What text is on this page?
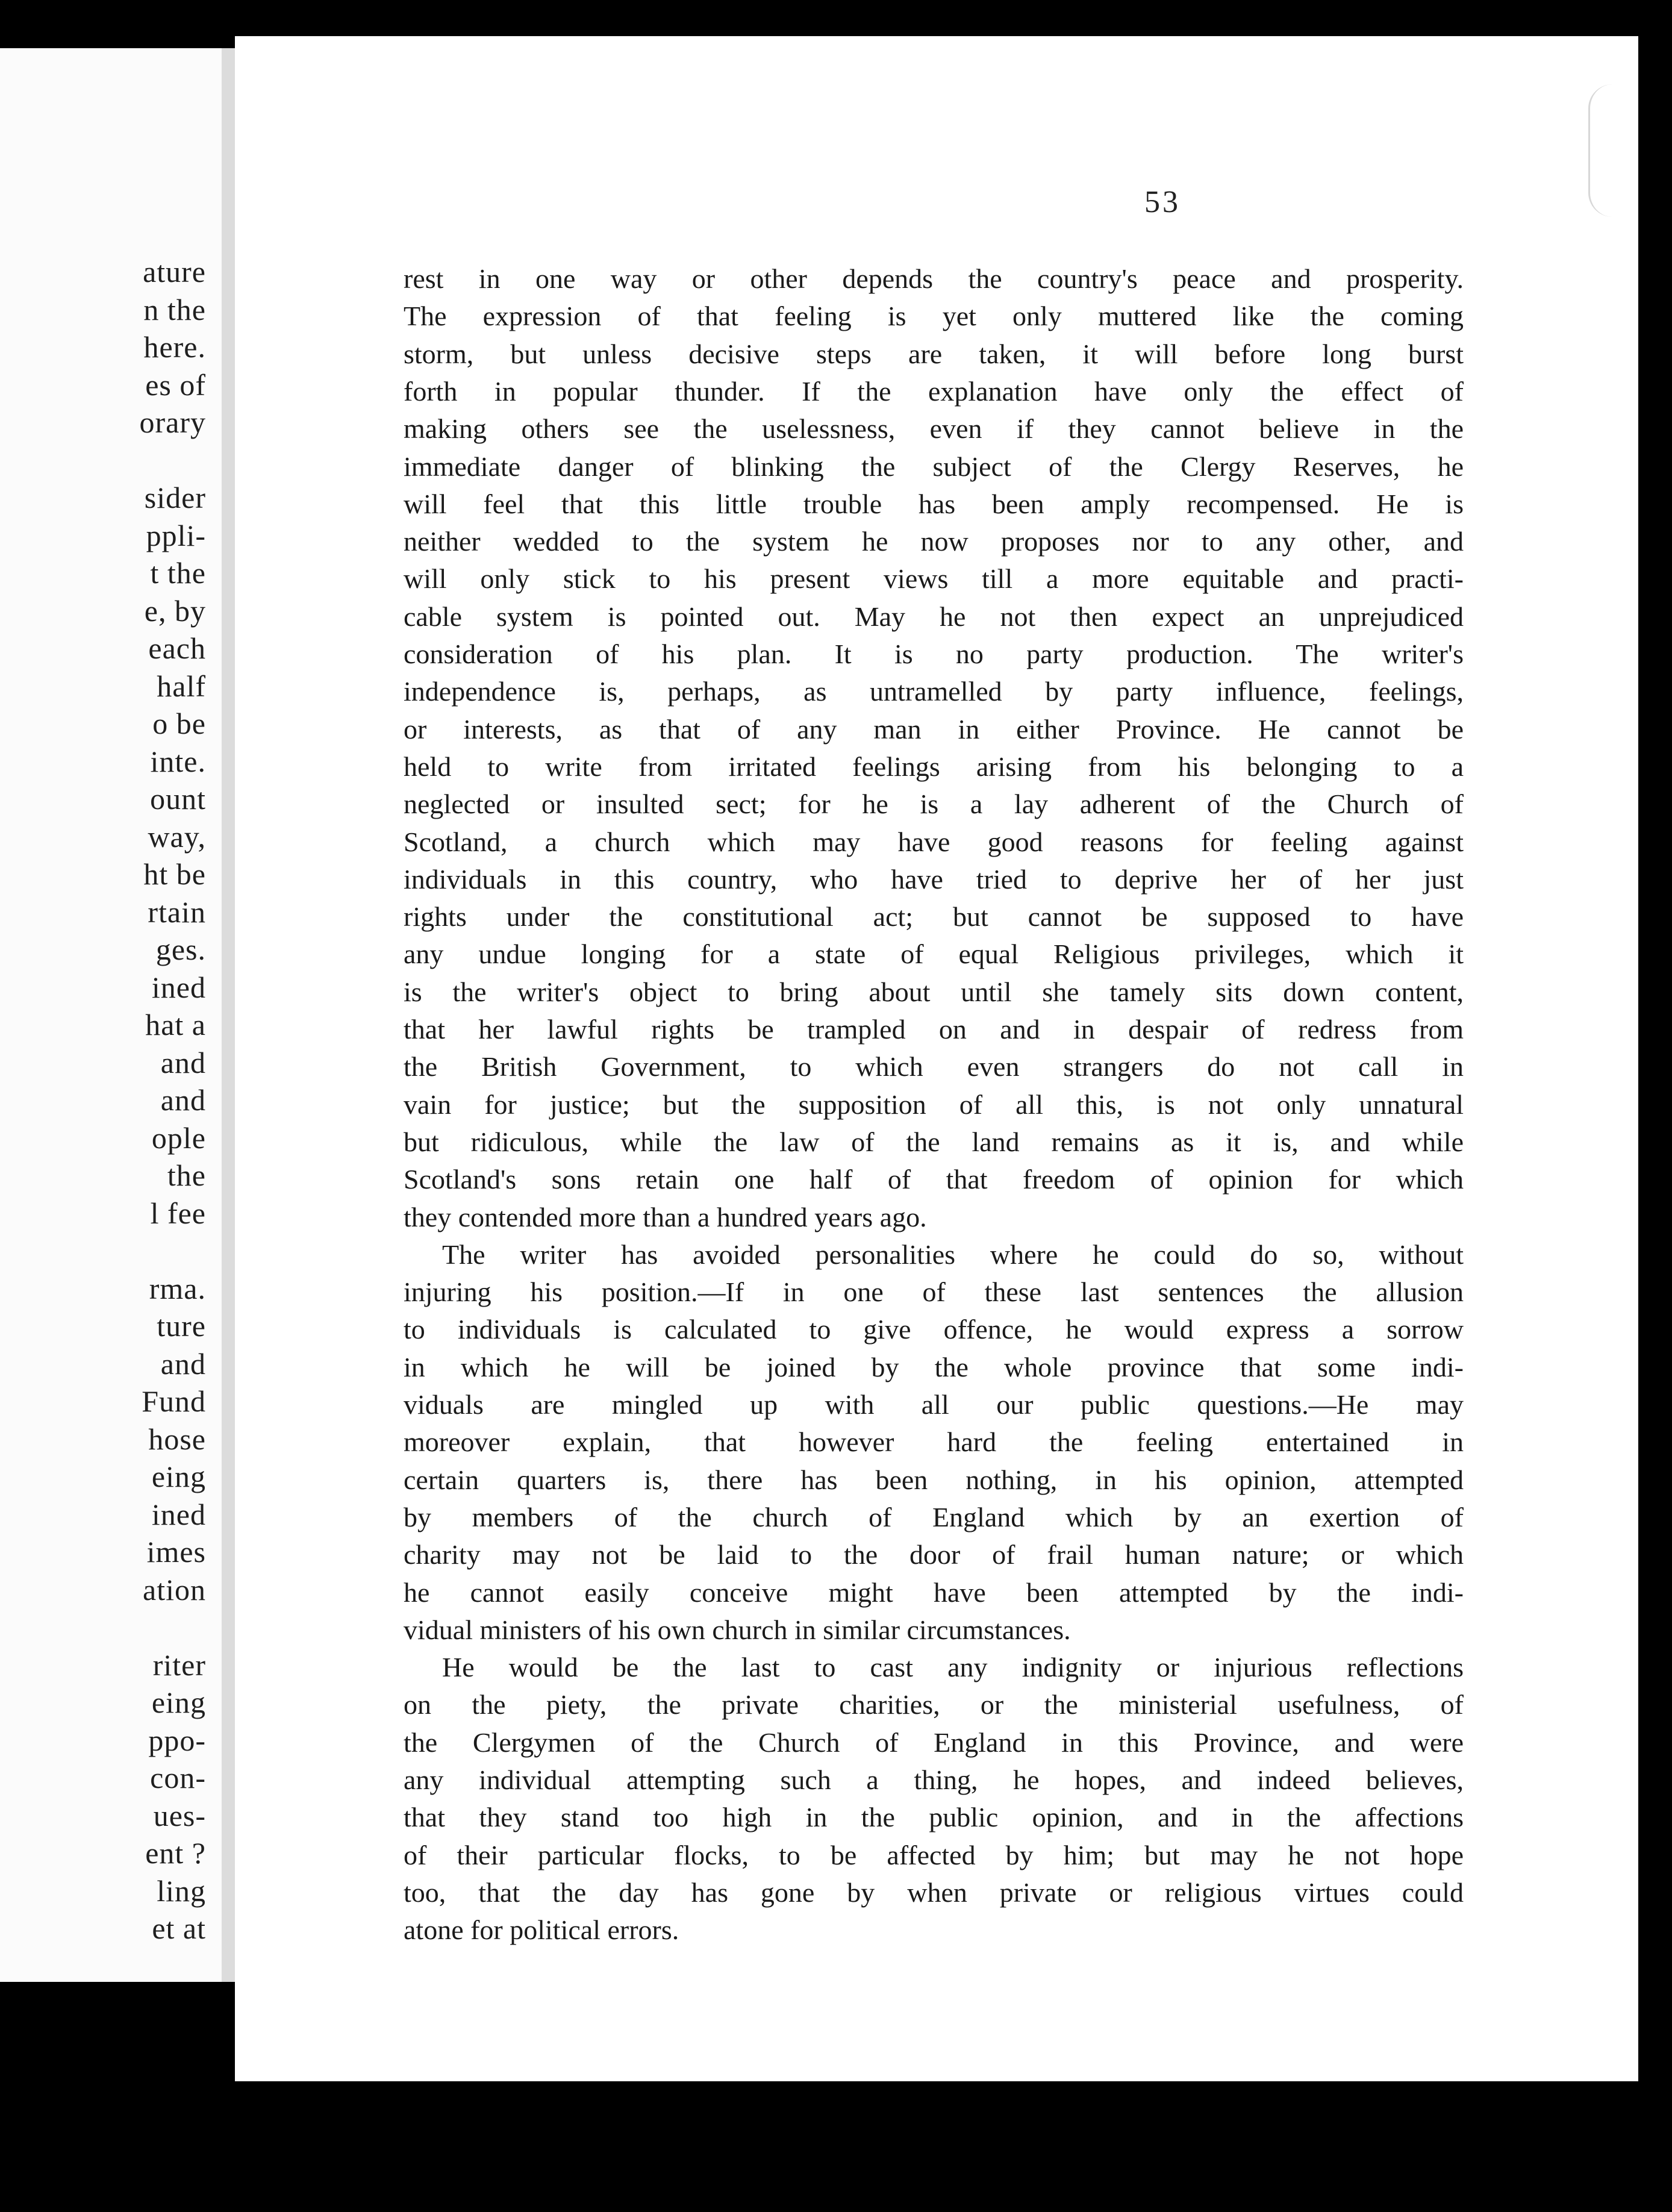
ature
n the
here.
es of
orary
sider
ppli-
t the
e, by
each
half
o be
inte.
ount
way,
ht be
rtain
ges.
ined
hat a
and
and
ople
the
l fee
rma.
ture
and
Fund
hose
eing
ined
imes
ation
riter
eing
ppo-
con-
ues-
ent ?
ling
et at
53
rest in one way or other depends the country's peace and prosperity.
The expression of that feeling is yet only muttered like the coming
storm, but unless decisive steps are taken, it will before long burst
forth in popular thunder. If the explanation have only the effect of
making others see the uselessness, even if they cannot believe in the
immediate danger of blinking the subject of the Clergy Reserves, he
will feel that this little trouble has been amply recompensed. He is
neither wedded to the system he now proposes nor to any other, and
will only stick to his present views till a more equitable and practi-
cable system is pointed out. May he not then expect an unprejudiced
consideration of his plan. It is no party production. The writer's
independence is, perhaps, as untramelled by party influence, feelings,
or interests, as that of any man in either Province. He cannot be
held to write from irritated feelings arising from his belonging to a
neglected or insulted sect; for he is a lay adherent of the Church of
Scotland, a church which may have good reasons for feeling against
individuals in this country, who have tried to deprive her of her just
rights under the constitutional act; but cannot be supposed to have
any undue longing for a state of equal Religious privileges, which it
is the writer's object to bring about until she tamely sits down content,
that her lawful rights be trampled on and in despair of redress from
the British Government, to which even strangers do not call in
vain for justice; but the supposition of all this, is not only unnatural
but ridiculous, while the law of the land remains as it is, and while
Scotland's sons retain one half of that freedom of opinion for which
they contended more than a hundred years ago.
The writer has avoided personalities where he could do so, without
injuring his position.—If in one of these last sentences the allusion
to individuals is calculated to give offence, he would express a sorrow
in which he will be joined by the whole province that some indi-
viduals are mingled up with all our public questions.—He may
moreover explain, that however hard the feeling entertained in
certain quarters is, there has been nothing, in his opinion, attempted
by members of the church of England which by an exertion of
charity may not be laid to the door of frail human nature; or which
he cannot easily conceive might have been attempted by the indi-
vidual ministers of his own church in similar circumstances.
He would be the last to cast any indignity or injurious reflections
on the piety, the private charities, or the ministerial usefulness, of
the Clergymen of the Church of England in this Province, and were
any individual attempting such a thing, he hopes, and indeed believes,
that they stand too high in the public opinion, and in the affections
of their particular flocks, to be affected by him; but may he not hope
too, that the day has gone by when private or religious virtues could
atone for political errors.
